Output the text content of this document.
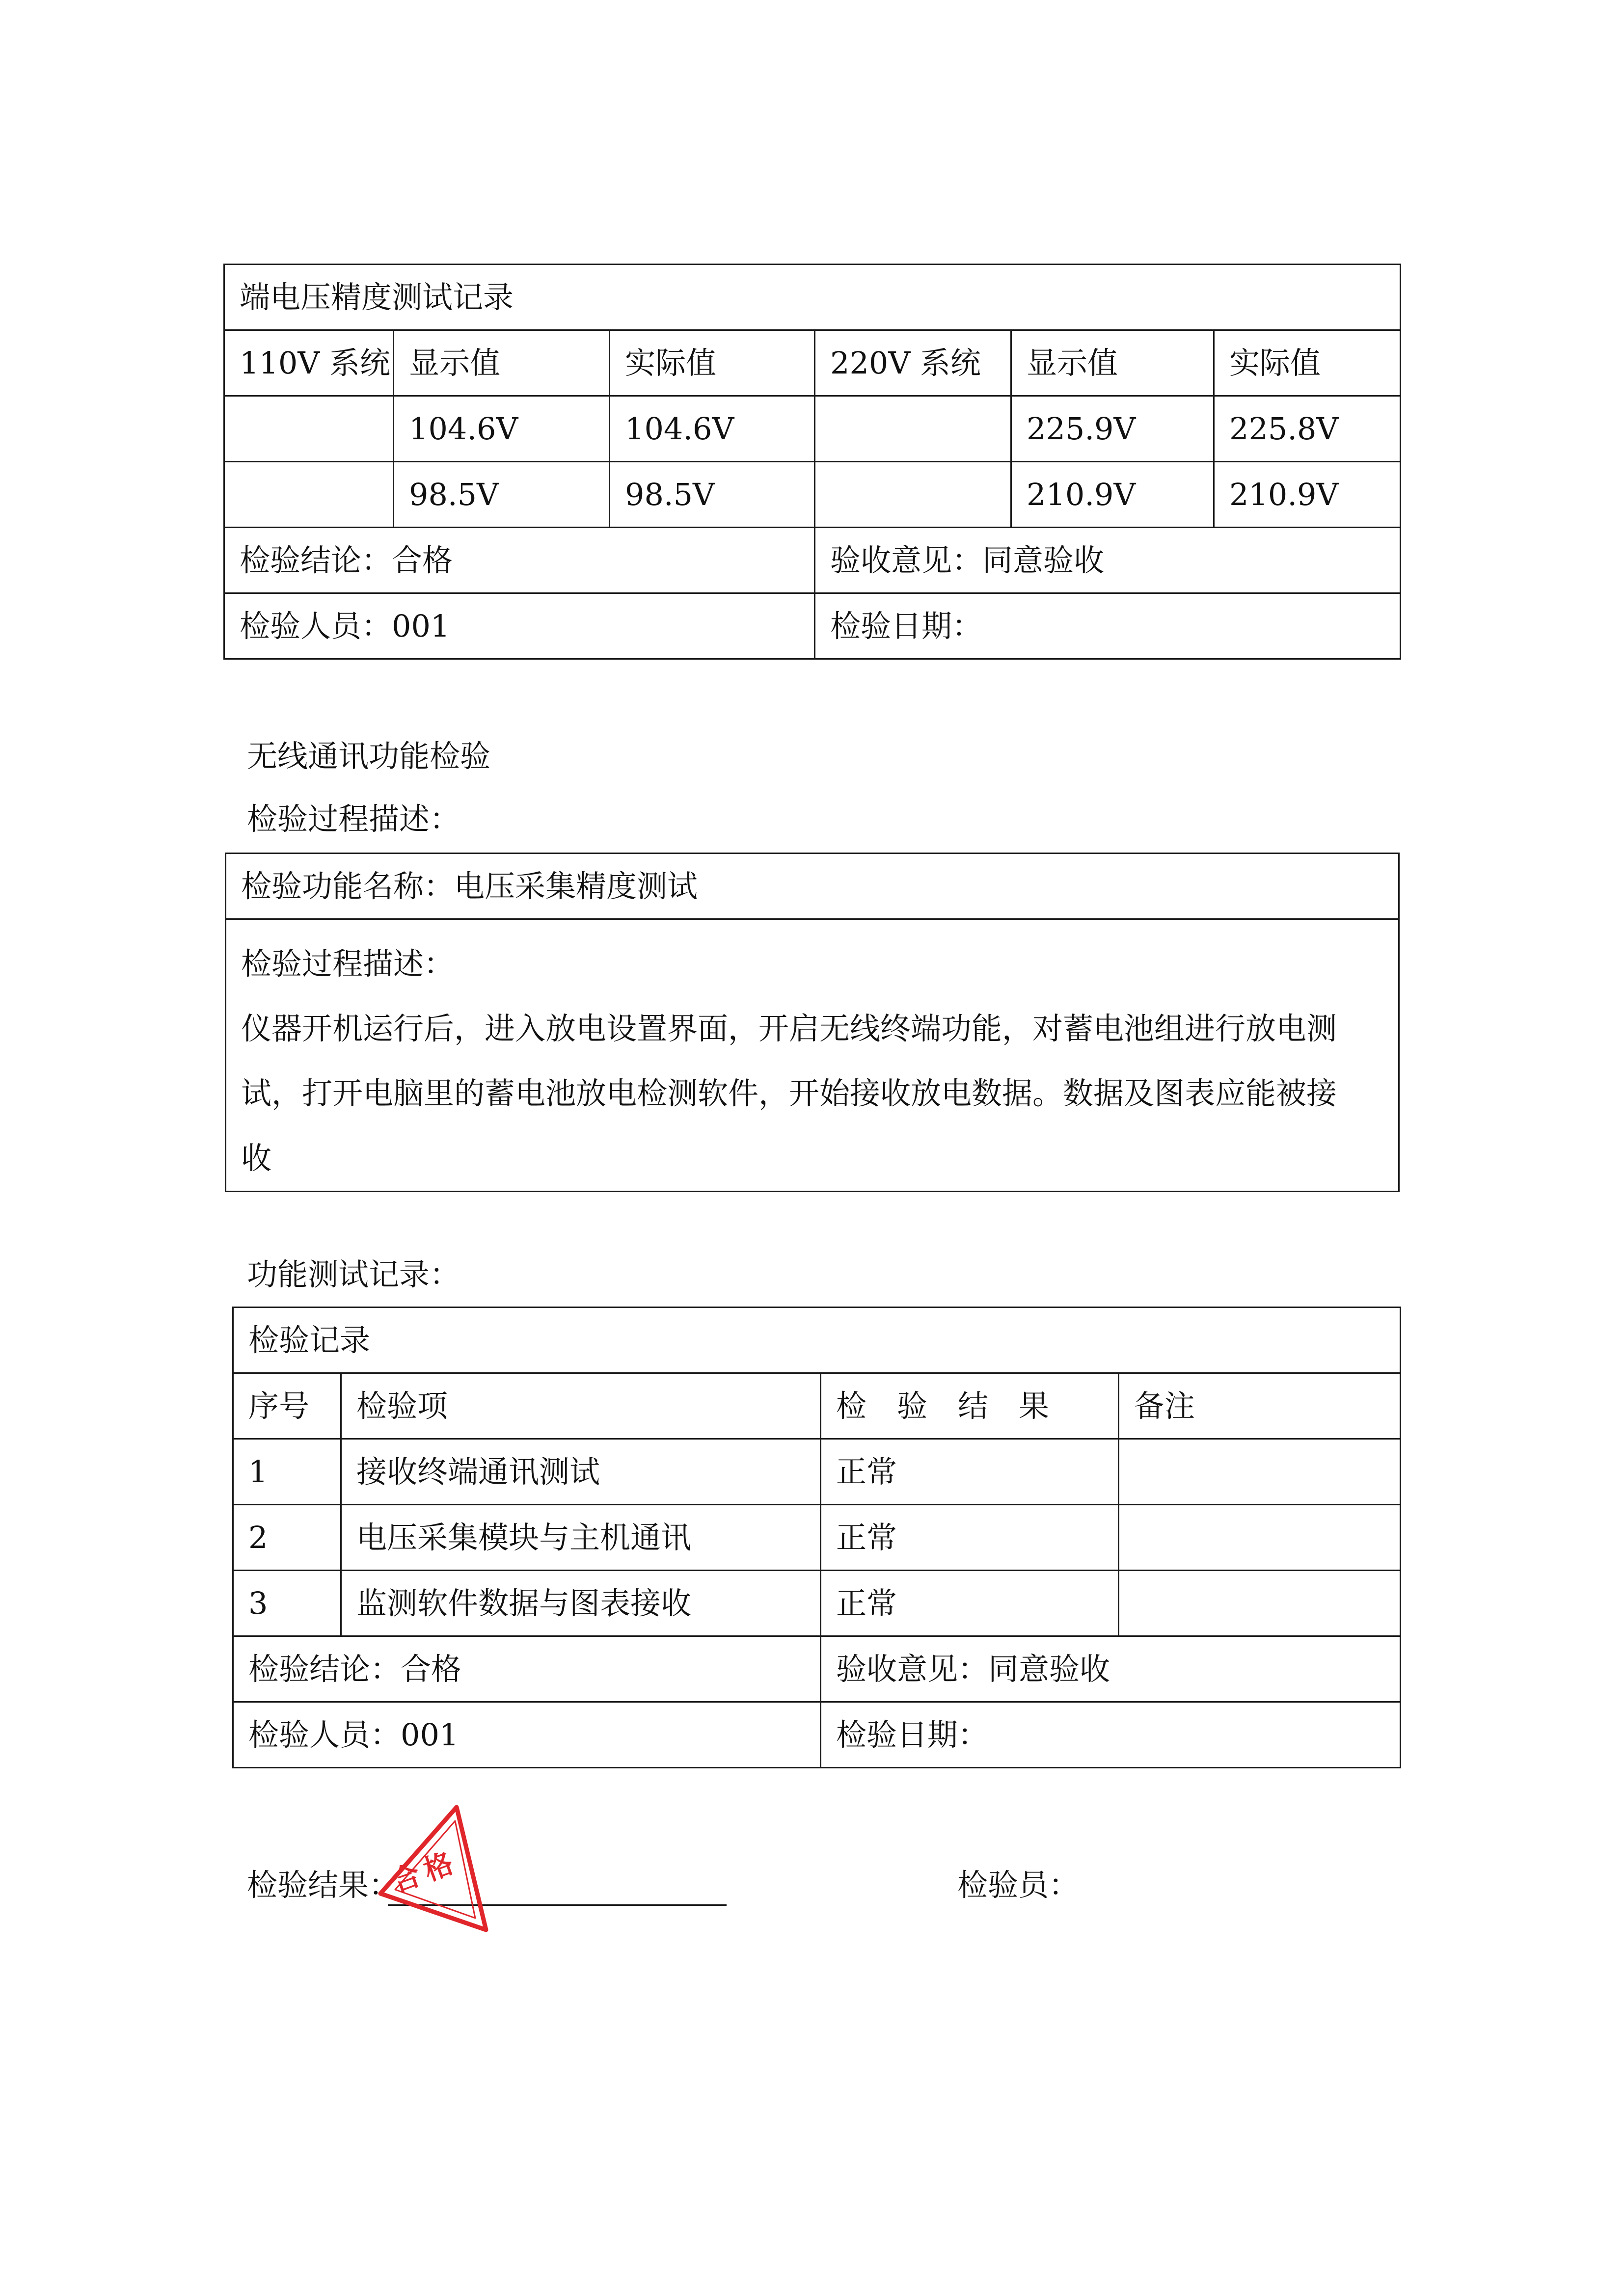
端电压精度测试记录					
110V 系统	显示值	实际值	220V 系统	显示值	实际值
	104.6V	104.6V		225.9V	225.8V
	98.5V	98.5V		210.9V	210.9V
检验结论：合格			验收意见：同意验收		
检验人员：001			检验日期：		
无线通讯功能检验
检验过程描述：
检验功能名称：电压采集精度测试

检验过程描述：
仪器开机运行后，进入放电设置界面，开启无线终端功能，对蓄电池组进行放电测试，打开电脑里的蓄电池放电检测软件，开始接收放电数据。数据及图表应能被接收
功能测试记录：
检验记录			
序号	检验项	检验结果	备注
1	接收终端通讯测试	正常	
2	电压采集模块与主机通讯	正常	
3	监测软件数据与图表接收	正常	
检验结论：合格		验收意见：同意验收	
检验人员：001		检验日期：	
检验结果：	检验员：
合格
